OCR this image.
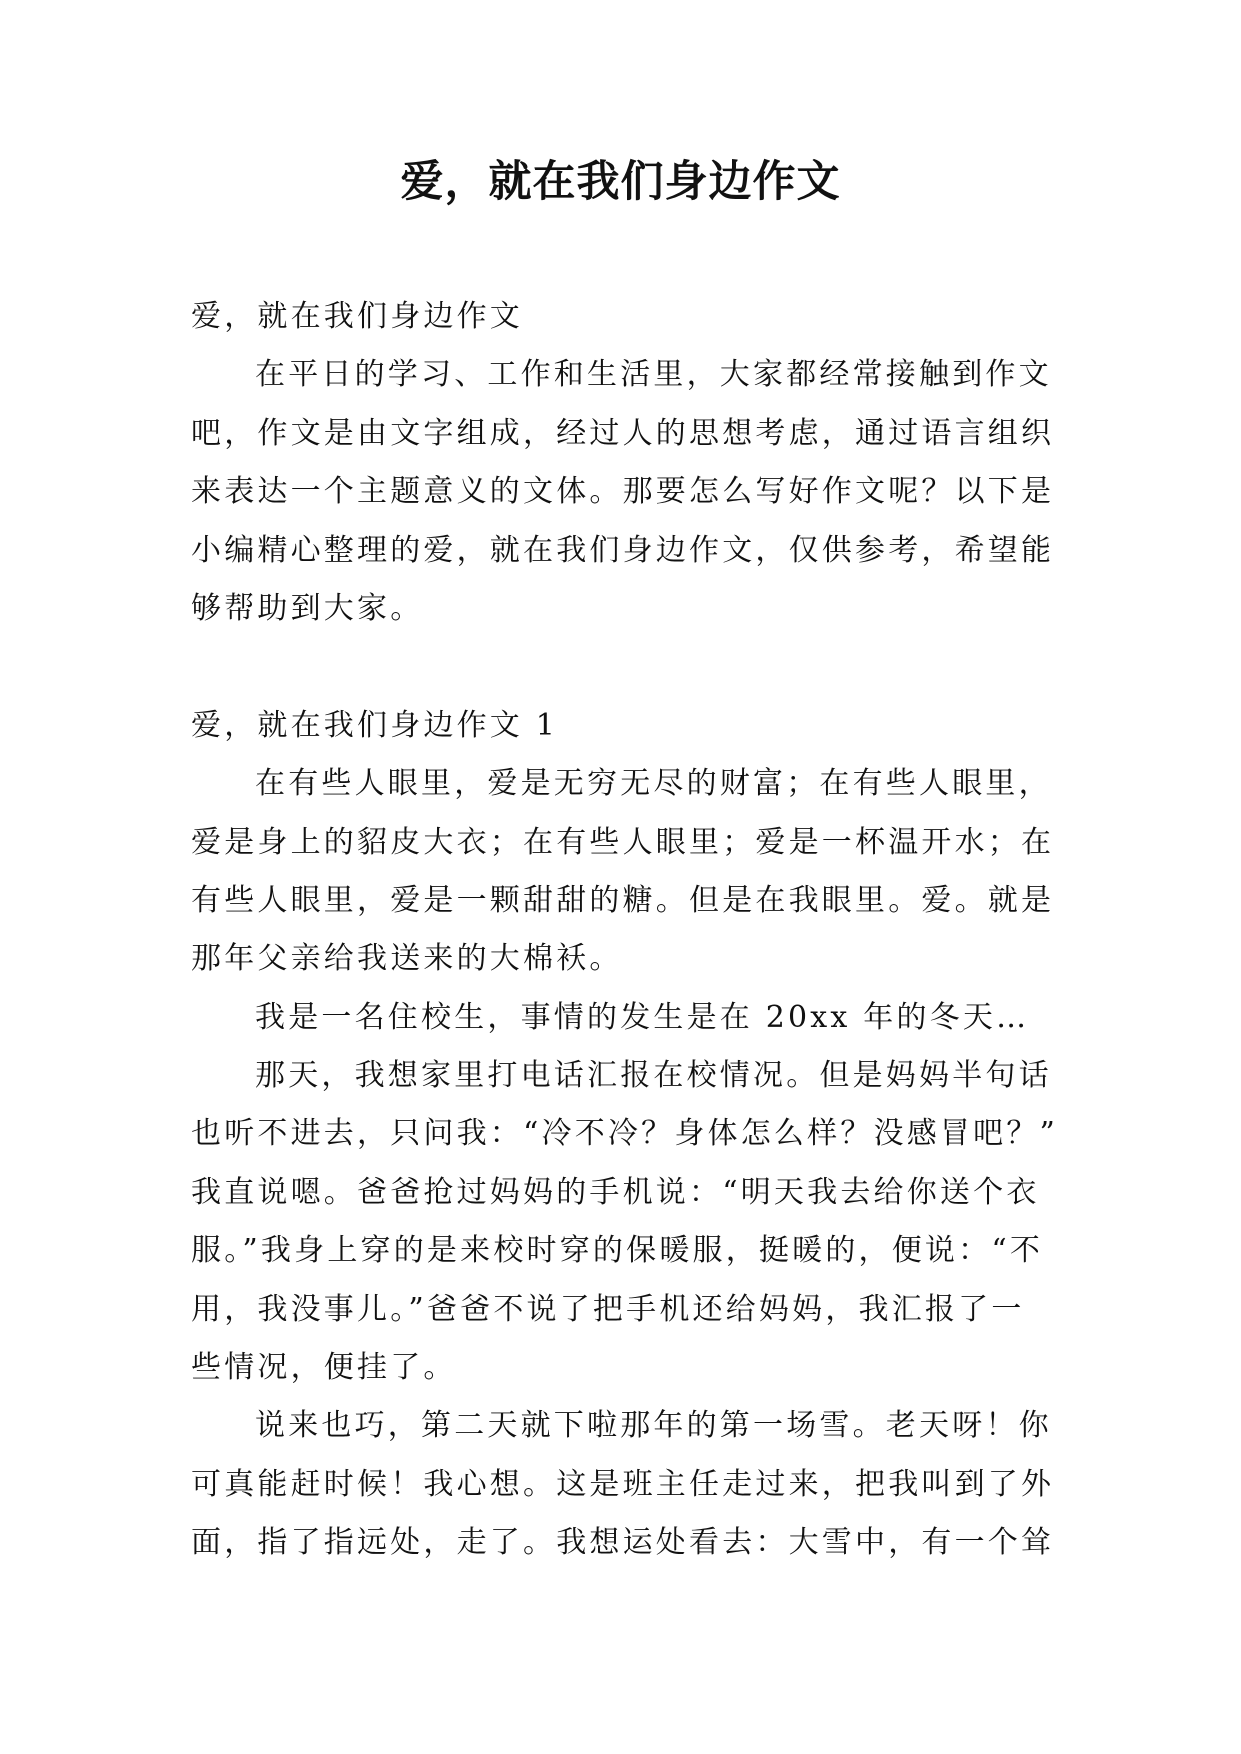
爱，就在我们身边作文
爱，就在我们身边作文
在平日的学习、工作和生活里，大家都经常接触到作文
吧，作文是由文字组成，经过人的思想考虑，通过语言组织
来表达一个主题意义的文体。那要怎么写好作文呢？以下是
小编精心整理的爱，就在我们身边作文，仅供参考，希望能
够帮助到大家。
爱，就在我们身边作文 1
在有些人眼里，爱是无穷无尽的财富；在有些人眼里，
爱是身上的貂皮大衣；在有些人眼里；爱是一杯温开水；在
有些人眼里，爱是一颗甜甜的糖。但是在我眼里。爱。就是
那年父亲给我送来的大棉袄。
我是一名住校生，事情的发生是在 20xx 年的冬天…
那天，我想家里打电话汇报在校情况。但是妈妈半句话
也听不进去，只问我：“冷不冷？身体怎么样？没感冒吧？”
我直说嗯。爸爸抢过妈妈的手机说：“明天我去给你送个衣
服。”我身上穿的是来校时穿的保暖服，挺暖的，便说：“不
用，我没事儿。”爸爸不说了把手机还给妈妈，我汇报了一
些情况，便挂了。
说来也巧，第二天就下啦那年的第一场雪。老天呀！你
可真能赶时候！我心想。这是班主任走过来，把我叫到了外
面，指了指远处，走了。我想运处看去：大雪中，有一个耸
